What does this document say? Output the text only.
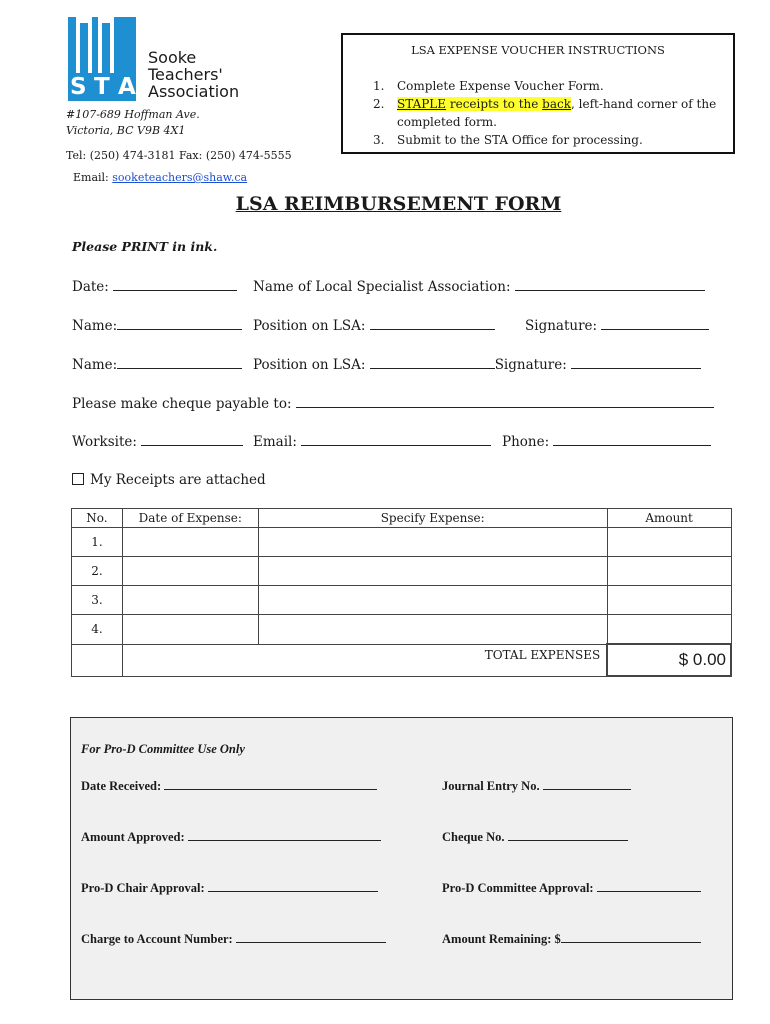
S T A
Sooke
Teachers'
Association
#107-689 Hoffman Ave.
Victoria, BC V9B 4X1
Tel: (250) 474-3181 Fax: (250) 474-5555
Email: sooketeachers@shaw.ca
LSA EXPENSE VOUCHER INSTRUCTIONS
1.	Complete Expense Voucher Form.
2.	STAPLE receipts to the back, left-hand corner of the completed form.
3.	Submit to the STA Office for processing.
LSA REIMBURSEMENT FORM
Please PRINT in ink.
Date:	Name of Local Specialist Association:
Name:	Position on LSA:	Signature:
Name:	Position on LSA:	Signature:
Please make cheque payable to:
Worksite:	Email:	Phone:
My Receipts are attached
No.	Date of Expense:	Specify Expense:	Amount
1.			
2.			
3.			
4.			
	TOTAL EXPENSES		$ 0.00
For Pro-D Committee Use Only
Date Received:	Journal Entry No.
Amount Approved:	Cheque No.
Pro-D Chair Approval:	Pro-D Committee Approval:
Charge to Account Number:	Amount Remaining: $
